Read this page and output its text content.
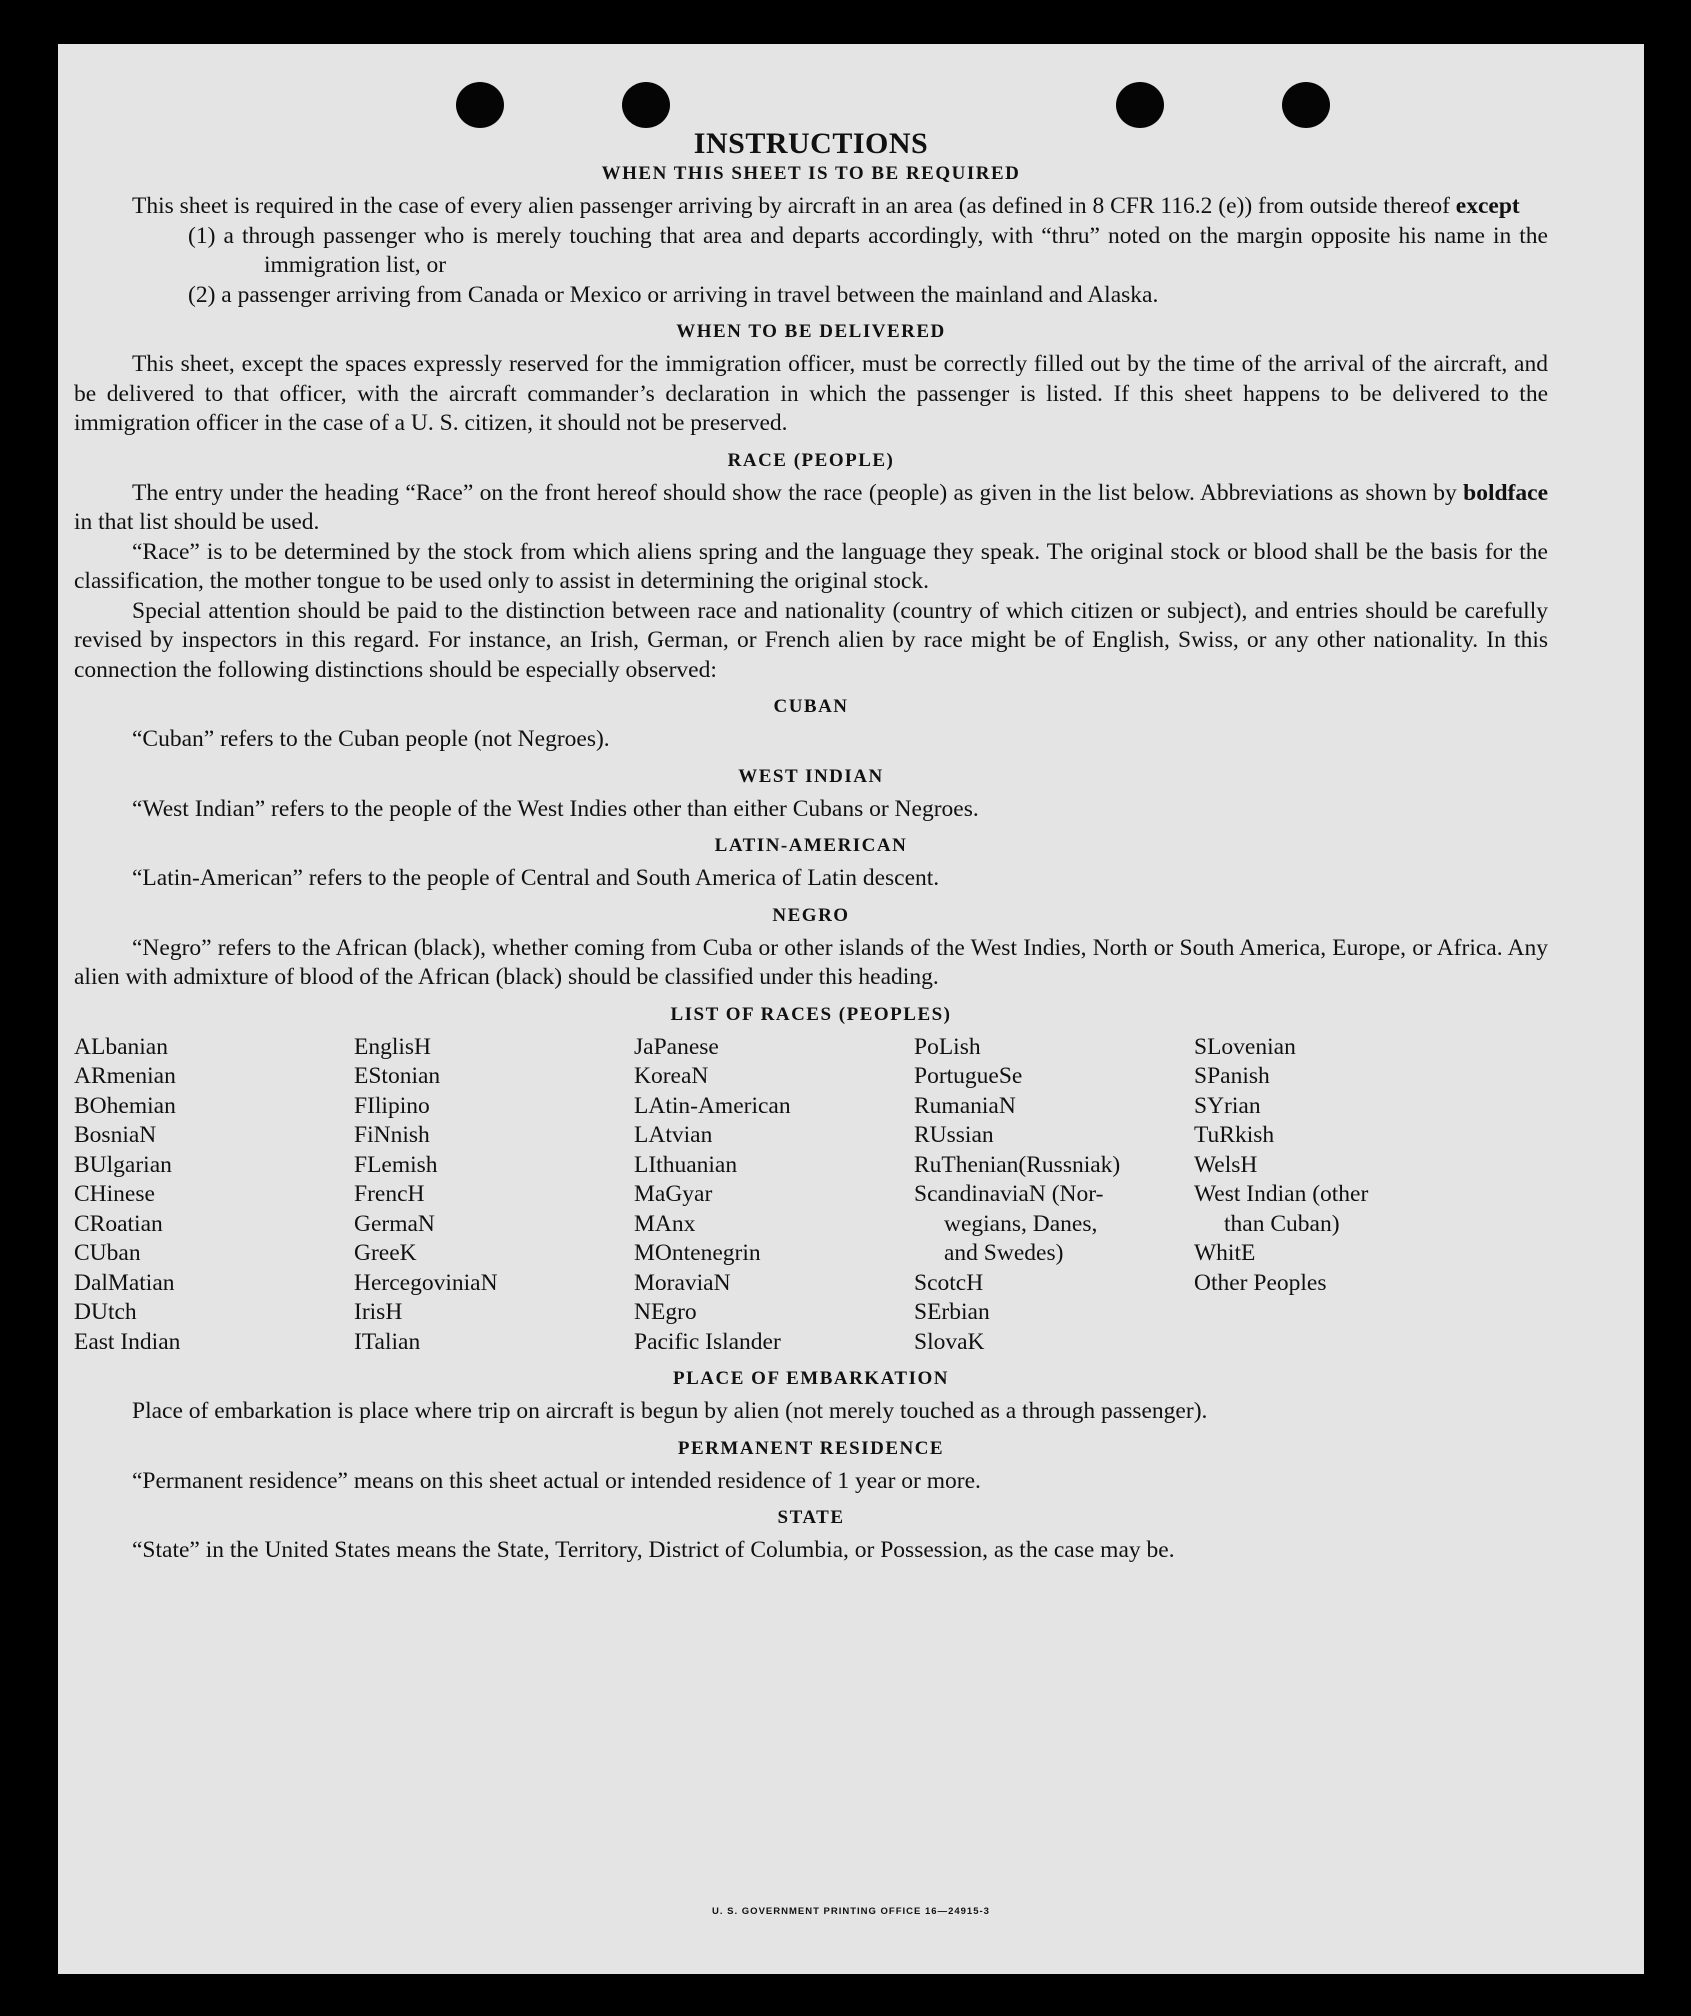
INSTRUCTIONS
WHEN THIS SHEET IS TO BE REQUIRED

This sheet is required in the case of every alien passenger arriving by aircraft in an area (as defined in 8 CFR 116.2 (e)) from outside thereof except

(1) a through passenger who is merely touching that area and departs accordingly, with “thru” noted on the margin opposite his name in the immigration list, or

(2) a passenger arriving from Canada or Mexico or arriving in travel between the mainland and Alaska.

WHEN TO BE DELIVERED

This sheet, except the spaces expressly reserved for the immigration officer, must be correctly filled out by the time of the arrival of the aircraft, and be delivered to that officer, with the aircraft commander’s declaration in which the passenger is listed. If this sheet happens to be delivered to the immigration officer in the case of a U. S. citizen, it should not be preserved.

RACE (PEOPLE)

The entry under the heading “Race” on the front hereof should show the race (people) as given in the list below. Abbreviations as shown by boldface in that list should be used.

“Race” is to be determined by the stock from which aliens spring and the language they speak. The original stock or blood shall be the basis for the classification, the mother tongue to be used only to assist in determining the original stock.

Special attention should be paid to the distinction between race and nationality (country of which citizen or subject), and entries should be carefully revised by inspectors in this regard. For instance, an Irish, German, or French alien by race might be of English, Swiss, or any other nationality. In this connection the following distinctions should be especially observed:

CUBAN

“Cuban” refers to the Cuban people (not Negroes).

WEST INDIAN

“West Indian” refers to the people of the West Indies other than either Cubans or Negroes.

LATIN-AMERICAN

“Latin-American” refers to the people of Central and South America of Latin descent.

NEGRO

“Negro” refers to the African (black), whether coming from Cuba or other islands of the West Indies, North or South America, Europe, or Africa. Any alien with admixture of blood of the African (black) should be classified under this heading.

LIST OF RACES (PEOPLES)
ALbanian
ARmenian
BOhemian
BosniaN
BUlgarian
CHinese
CRoatian
CUban
DalMatian
DUtch
East Indian
EnglisH
EStonian
FIlipino
FiNnish
FLemish
FrencH
GermaN
GreeK
HercegoviniaN
IrisH
ITalian
JaPanese
KoreaN
LAtin-American
LAtvian
LIthuanian
MaGyar
MAnx
MOntenegrin
MoraviaN
NEgro
Pacific Islander
PoLish
PortugueSe
RumaniaN
RUssian
RuThenian(Russniak)
ScandinaviaN (Nor-
wegians, Danes,
and Swedes)
ScotcH
SErbian
SlovaK
SLovenian
SPanish
SYrian
TuRkish
WelsH
West Indian (other
than Cuban)
WhitE
Other Peoples
PLACE OF EMBARKATION

Place of embarkation is place where trip on aircraft is begun by alien (not merely touched as a through passenger).

PERMANENT RESIDENCE

“Permanent residence” means on this sheet actual or intended residence of 1 year or more.

STATE

“State” in the United States means the State, Territory, District of Columbia, or Possession, as the case may be.

U. S. GOVERNMENT PRINTING OFFICE 16—24915-3
